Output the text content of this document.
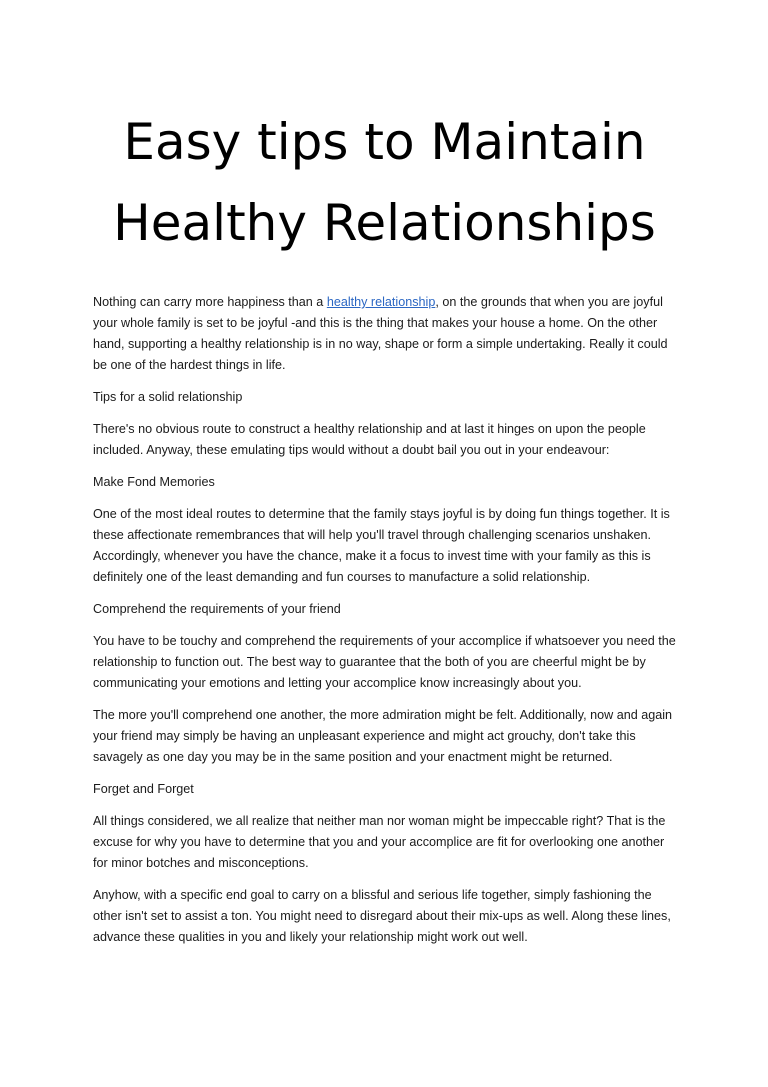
Easy tips to Maintain
Healthy Relationships

Nothing can carry more happiness than a healthy relationship, on the grounds that when you are joyful your whole family is set to be joyful -and this is the thing that makes your house a home. On the other hand, supporting a healthy relationship is in no way, shape or form a simple undertaking. Really it could be one of the hardest things in life.

Tips for a solid relationship

There's no obvious route to construct a healthy relationship and at last it hinges on upon the people included. Anyway, these emulating tips would without a doubt bail you out in your endeavour:

Make Fond Memories

One of the most ideal routes to determine that the family stays joyful is by doing fun things together. It is these affectionate remembrances that will help you'll travel through challenging scenarios unshaken. Accordingly, whenever you have the chance, make it a focus to invest time with your family as this is definitely one of the least demanding and fun courses to manufacture a solid relationship.

Comprehend the requirements of your friend

You have to be touchy and comprehend the requirements of your accomplice if whatsoever you need the relationship to function out. The best way to guarantee that the both of you are cheerful might be by communicating your emotions and letting your accomplice know increasingly about you.

The more you'll comprehend one another, the more admiration might be felt. Additionally, now and again your friend may simply be having an unpleasant experience and might act grouchy, don't take this savagely as one day you may be in the same position and your enactment might be returned.

Forget and Forget

All things considered, we all realize that neither man nor woman might be impeccable right? That is the excuse for why you have to determine that you and your accomplice are fit for overlooking one another for minor botches and misconceptions.

Anyhow, with a specific end goal to carry on a blissful and serious life together, simply fashioning the other isn't set to assist a ton. You might need to disregard about their mix-ups as well. Along these lines, advance these qualities in you and likely your relationship might work out well.
